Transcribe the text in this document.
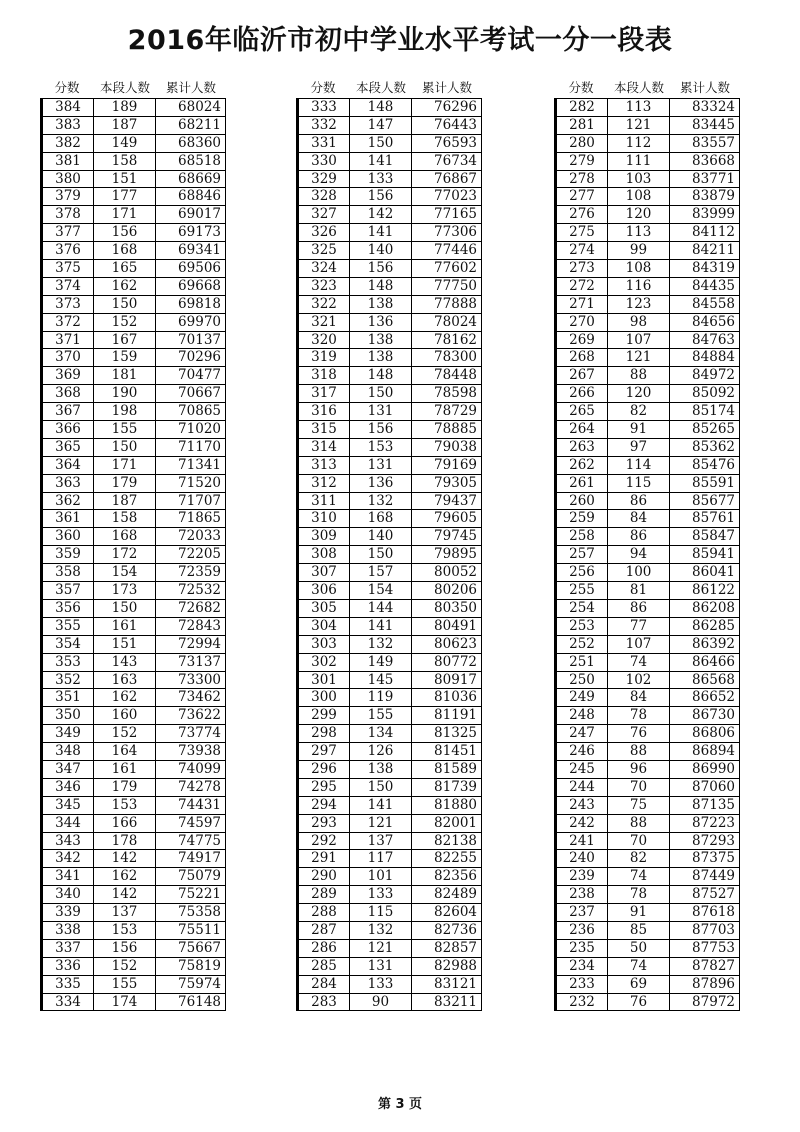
2016年临沂市初中学业水平考试一分一段表
分数	本段人数	累计人数
384	189	68024
383	187	68211
382	149	68360
381	158	68518
380	151	68669
379	177	68846
378	171	69017
377	156	69173
376	168	69341
375	165	69506
374	162	69668
373	150	69818
372	152	69970
371	167	70137
370	159	70296
369	181	70477
368	190	70667
367	198	70865
366	155	71020
365	150	71170
364	171	71341
363	179	71520
362	187	71707
361	158	71865
360	168	72033
359	172	72205
358	154	72359
357	173	72532
356	150	72682
355	161	72843
354	151	72994
353	143	73137
352	163	73300
351	162	73462
350	160	73622
349	152	73774
348	164	73938
347	161	74099
346	179	74278
345	153	74431
344	166	74597
343	178	74775
342	142	74917
341	162	75079
340	142	75221
339	137	75358
338	153	75511
337	156	75667
336	152	75819
335	155	75974
334	174	76148
分数	本段人数	累计人数
333	148	76296
332	147	76443
331	150	76593
330	141	76734
329	133	76867
328	156	77023
327	142	77165
326	141	77306
325	140	77446
324	156	77602
323	148	77750
322	138	77888
321	136	78024
320	138	78162
319	138	78300
318	148	78448
317	150	78598
316	131	78729
315	156	78885
314	153	79038
313	131	79169
312	136	79305
311	132	79437
310	168	79605
309	140	79745
308	150	79895
307	157	80052
306	154	80206
305	144	80350
304	141	80491
303	132	80623
302	149	80772
301	145	80917
300	119	81036
299	155	81191
298	134	81325
297	126	81451
296	138	81589
295	150	81739
294	141	81880
293	121	82001
292	137	82138
291	117	82255
290	101	82356
289	133	82489
288	115	82604
287	132	82736
286	121	82857
285	131	82988
284	133	83121
283	90	83211
分数	本段人数	累计人数
282	113	83324
281	121	83445
280	112	83557
279	111	83668
278	103	83771
277	108	83879
276	120	83999
275	113	84112
274	99	84211
273	108	84319
272	116	84435
271	123	84558
270	98	84656
269	107	84763
268	121	84884
267	88	84972
266	120	85092
265	82	85174
264	91	85265
263	97	85362
262	114	85476
261	115	85591
260	86	85677
259	84	85761
258	86	85847
257	94	85941
256	100	86041
255	81	86122
254	86	86208
253	77	86285
252	107	86392
251	74	86466
250	102	86568
249	84	86652
248	78	86730
247	76	86806
246	88	86894
245	96	86990
244	70	87060
243	75	87135
242	88	87223
241	70	87293
240	82	87375
239	74	87449
238	78	87527
237	91	87618
236	85	87703
235	50	87753
234	74	87827
233	69	87896
232	76	87972
第 3 页
